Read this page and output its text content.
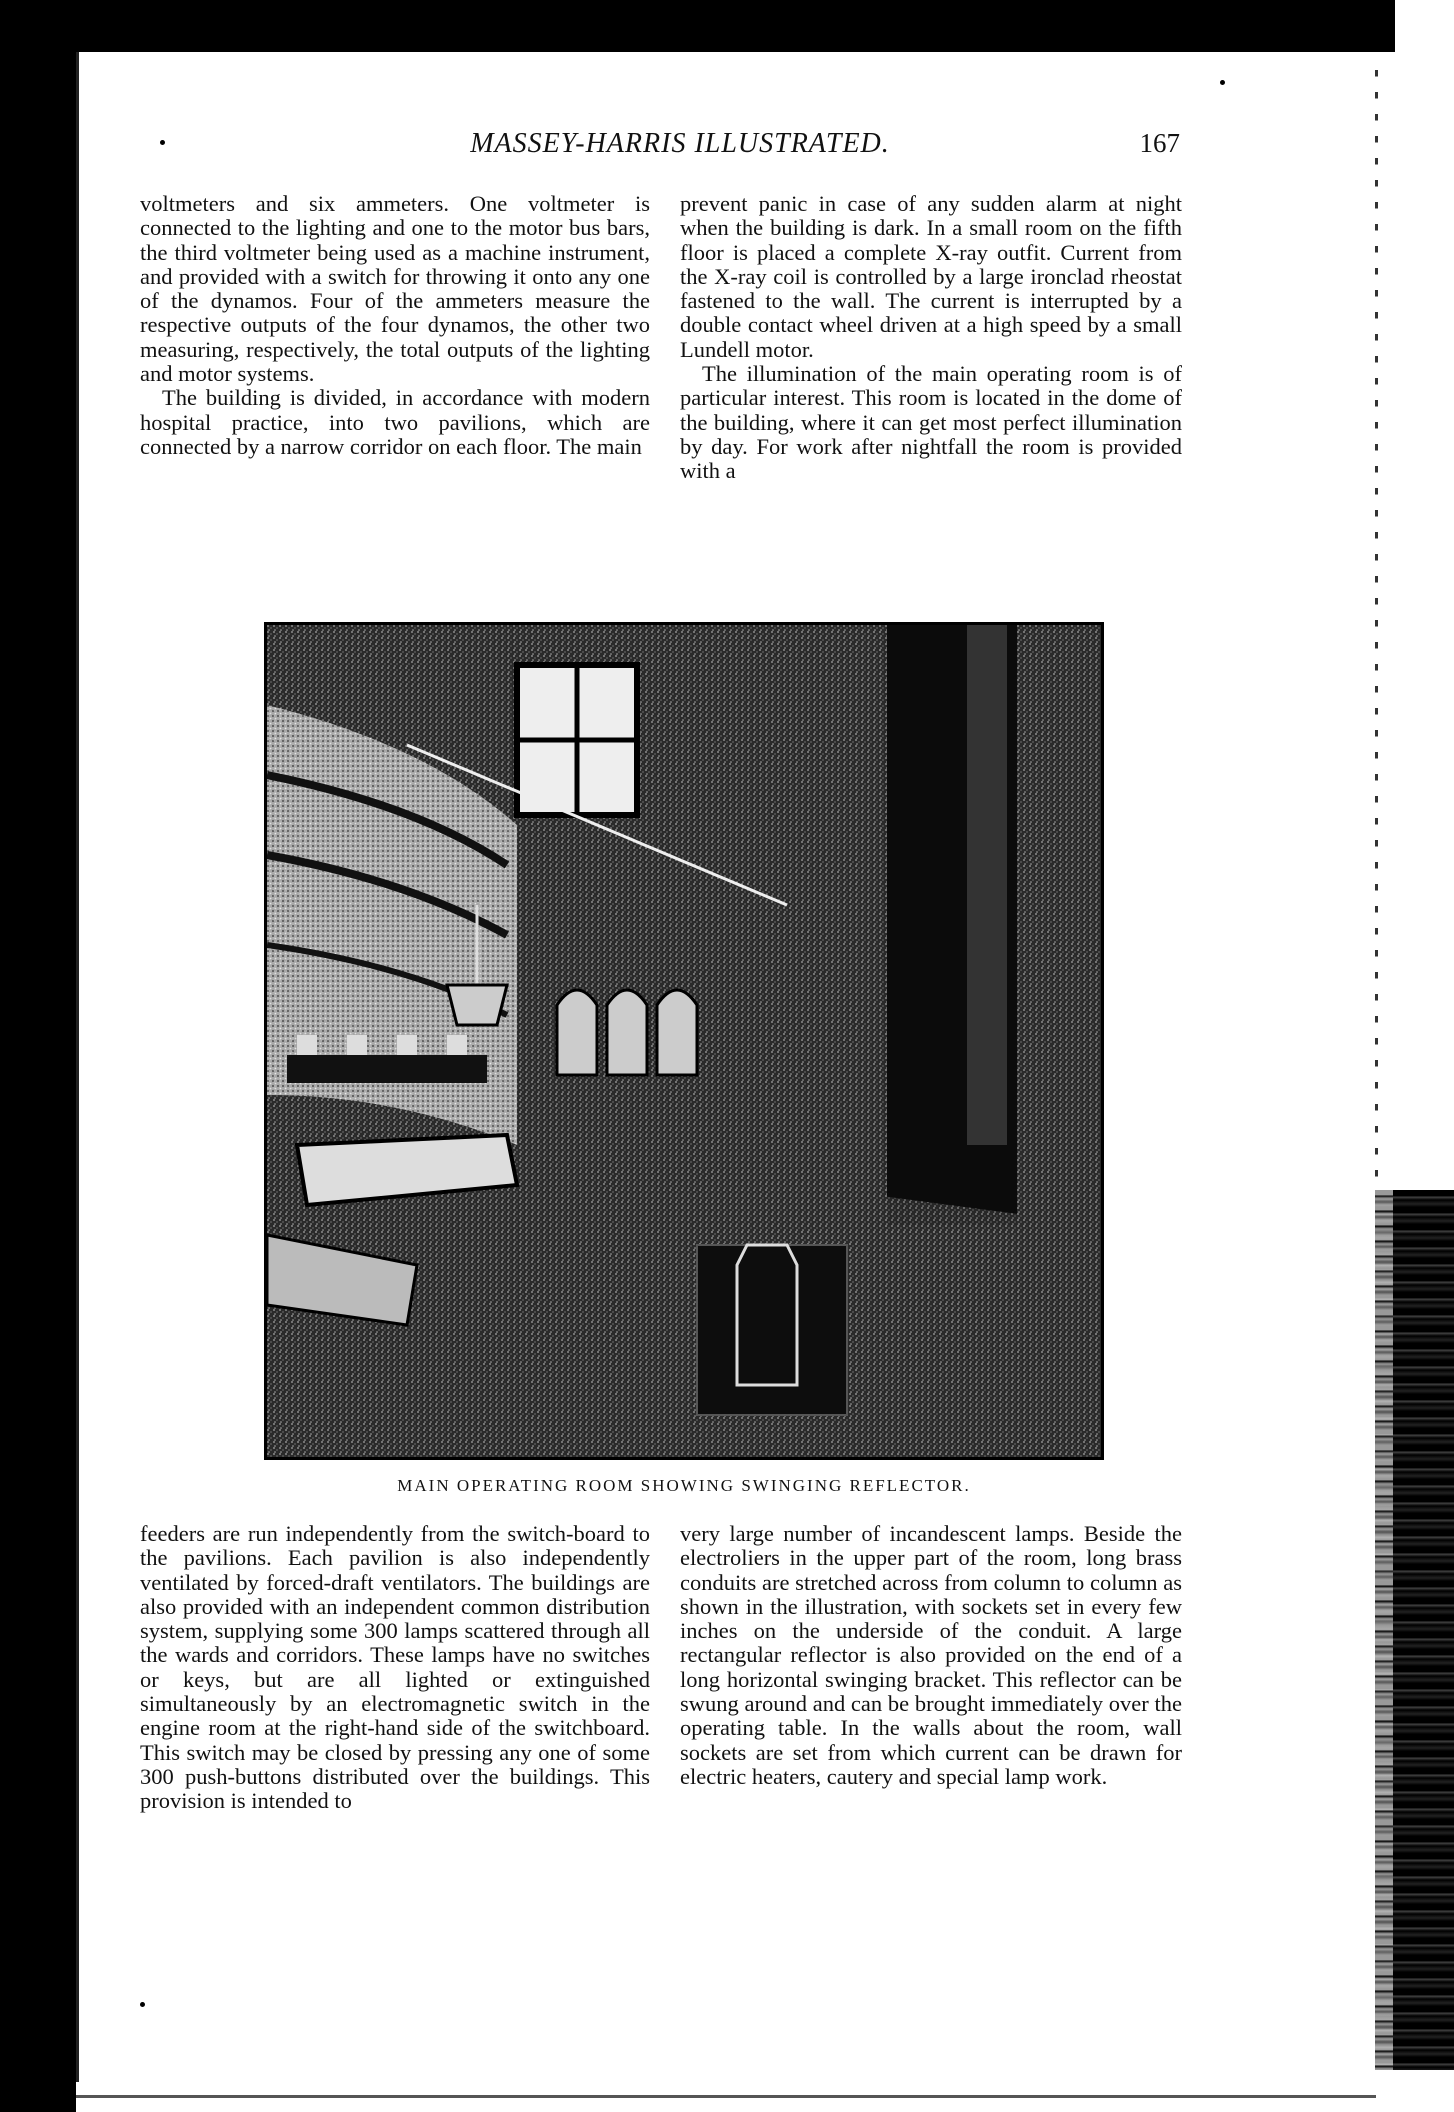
MASSEY-HARRIS ILLUSTRATED.	167

voltmeters and six ammeters. One voltmeter is connected to the lighting and one to the motor bus bars, the third voltmeter being used as a machine instrument, and provided with a switch for throwing it onto any one of the dynamos. Four of the ammeters measure the respective outputs of the four dynamos, the other two measuring, respectively, the total outputs of the lighting and motor systems.

The building is divided, in accordance with modern hospital practice, into two pavilions, which are connected by a narrow corridor on each floor. The main

prevent panic in case of any sudden alarm at night when the building is dark. In a small room on the fifth floor is placed a complete X-ray outfit. Current from the X-ray coil is controlled by a large ironclad rheostat fastened to the wall. The current is interrupted by a double contact wheel driven at a high speed by a small Lundell motor.

The illumination of the main operating room is of particular interest. This room is located in the dome of the building, where it can get most perfect illumination by day. For work after nightfall the room is provided with a

MAIN OPERATING ROOM SHOWING SWINGING REFLECTOR.

feeders are run independently from the switch-board to the pavilions. Each pavilion is also independently ventilated by forced-draft ventilators. The buildings are also provided with an independent common distribution system, supplying some 300 lamps scattered through all the wards and corridors. These lamps have no switches or keys, but are all lighted or extinguished simultaneously by an electromagnetic switch in the engine room at the right-hand side of the switchboard. This switch may be closed by pressing any one of some 300 push-buttons distributed over the buildings. This provision is intended to

very large number of incandescent lamps. Beside the electroliers in the upper part of the room, long brass conduits are stretched across from column to column as shown in the illustration, with sockets set in every few inches on the underside of the conduit. A large rectangular reflector is also provided on the end of a long horizontal swinging bracket. This reflector can be swung around and can be brought immediately over the operating table. In the walls about the room, wall sockets are set from which current can be drawn for electric heaters, cautery and special lamp work.
